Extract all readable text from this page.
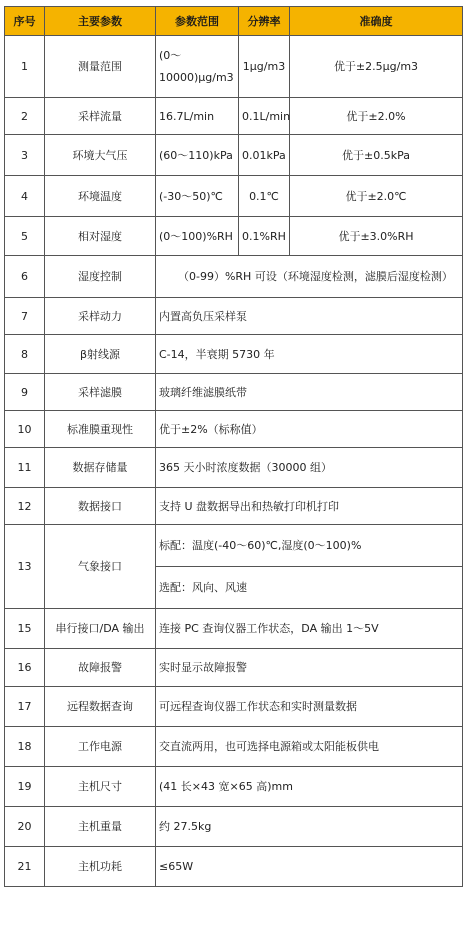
序号	主要参数	参数范围	分辨率	准确度
1	测量范围	(0～10000)μg/m3	1μg/m3	优于±2.5μg/m3
2	采样流量	16.7L/min	0.1L/min	优于±2.0%
3	环境大气压	(60～110)kPa	0.01kPa	优于±0.5kPa
4	环境温度	(-30～50)℃	0.1℃	优于±2.0℃
5	相对湿度	(0～100)%RH	0.1%RH	优于±3.0%RH
6	湿度控制	（0-99）%RH 可设（环境湿度检测，滤膜后湿度检测）		
7	采样动力	内置高负压采样泵		
8	β射线源	C-14，半衰期 5730 年		
9	采样滤膜	玻璃纤维滤膜纸带		
10	标准膜重现性	优于±2%（标称值）		
11	数据存储量	365 天小时浓度数据（30000 组）		
12	数据接口	支持 U 盘数据导出和热敏打印机打印		
13	气象接口	标配：温度(-40～60)℃,湿度(0～100)%		
		选配：风向、风速		
15	串行接口/DA 输出	连接 PC 查询仪器工作状态，DA 输出 1～5V		
16	故障报警	实时显示故障报警		
17	远程数据查询	可远程查询仪器工作状态和实时测量数据		
18	工作电源	交直流两用，也可选择电源箱或太阳能板供电		
19	主机尺寸	(41 长×43 宽×65 高)mm		
20	主机重量	约 27.5kg		
21	主机功耗	≤65W		
